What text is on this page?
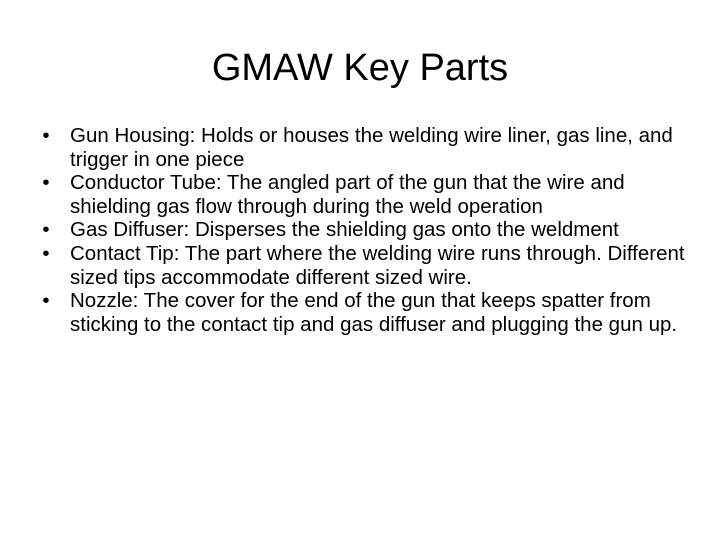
GMAW Key Parts
• Gun Housing: Holds or houses the welding wire liner, gas line, and trigger in one piece
• Conductor Tube: The angled part of the gun that the wire and shielding gas flow through during the weld operation
• Gas Diffuser: Disperses the shielding gas onto the weldment
• Contact Tip: The part where the welding wire runs through. Different sized tips accommodate different sized wire.
• Nozzle: The cover for the end of the gun that keeps spatter from sticking to the contact tip and gas diffuser and plugging the gun up.
